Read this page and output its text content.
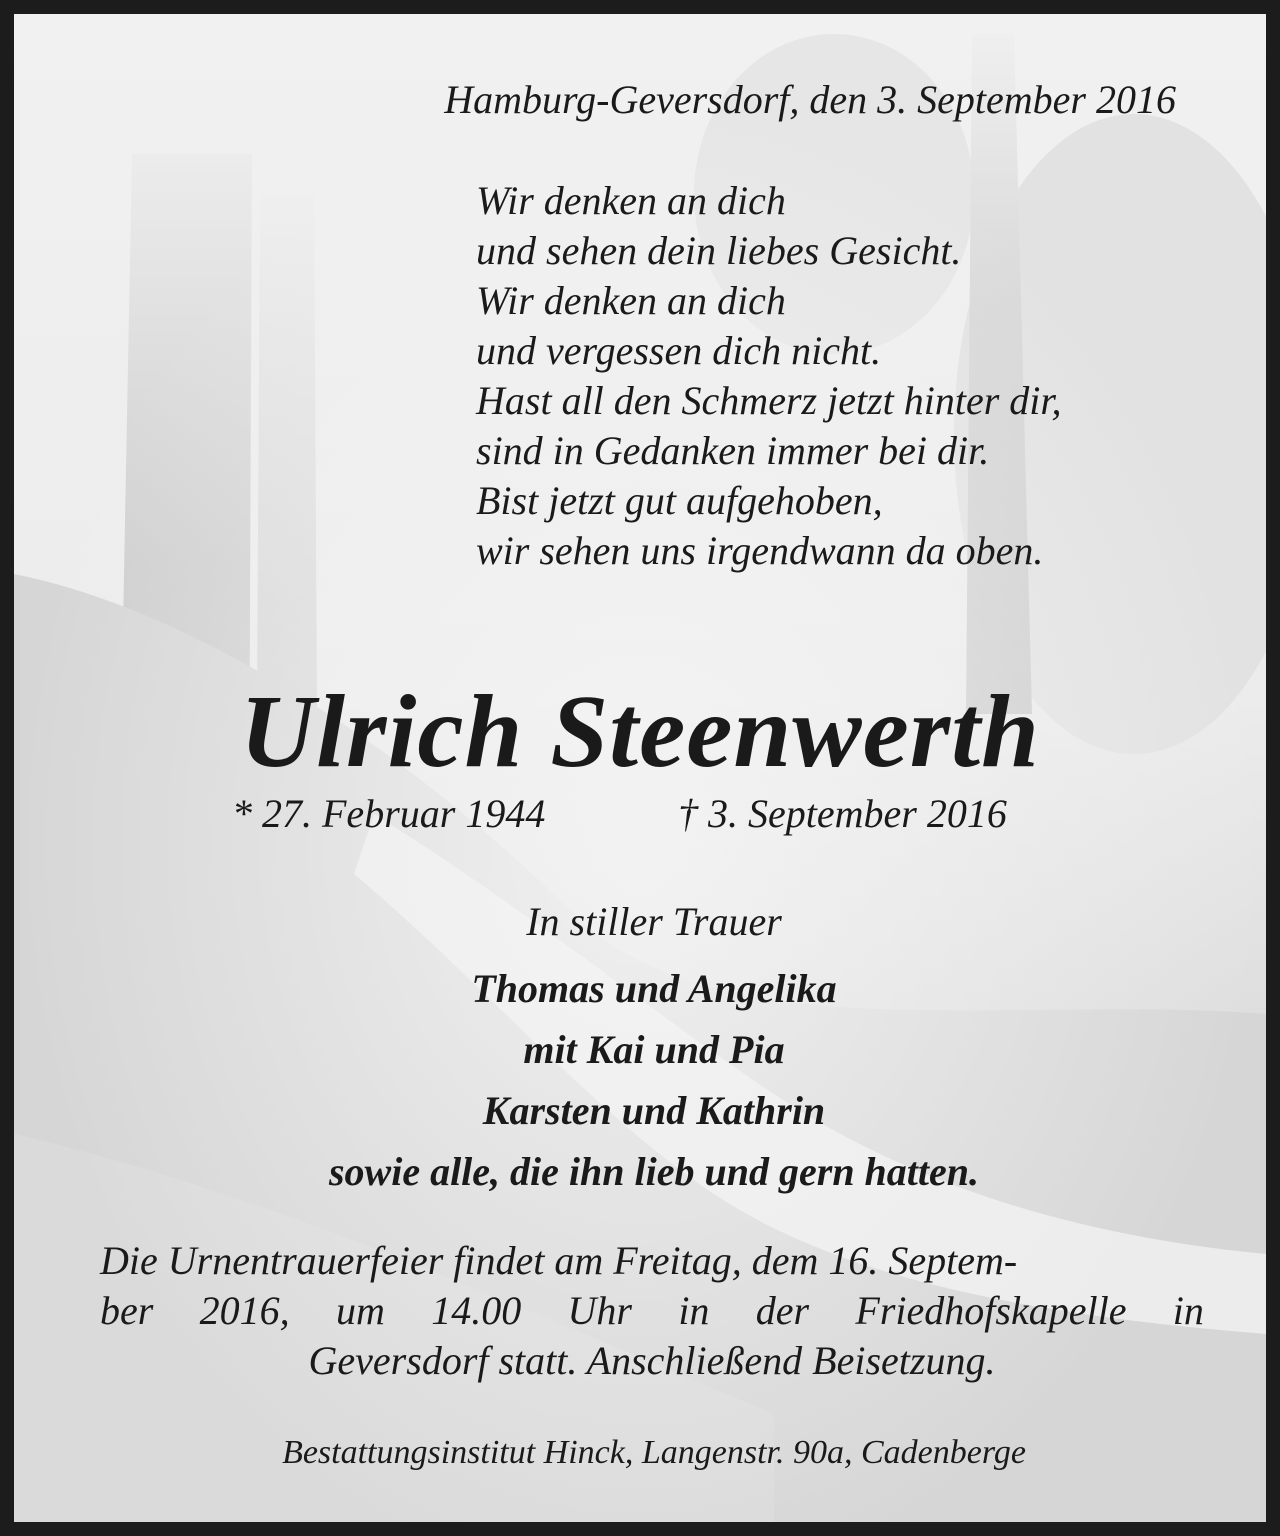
Hamburg-Geversdorf, den 3. September 2016
Wir denken an dich
und sehen dein liebes Gesicht.
Wir denken an dich
und vergessen dich nicht.
Hast all den Schmerz jetzt hinter dir,
sind in Gedanken immer bei dir.
Bist jetzt gut aufgehoben,
wir sehen uns irgendwann da oben.
Ulrich Steenwerth
* 27. Februar 1944	† 3. September 2016
In stiller Trauer
Thomas und Angelika
mit Kai und Pia
Karsten und Kathrin
sowie alle, die ihn lieb und gern hatten.
Die Urnentrauerfeier findet am Freitag, dem 16. Septem-
ber 2016, um 14.00 Uhr in der Friedhofskapelle in
Geversdorf statt. Anschließend Beisetzung.
Bestattungsinstitut Hinck, Langenstr. 90a, Cadenberge
